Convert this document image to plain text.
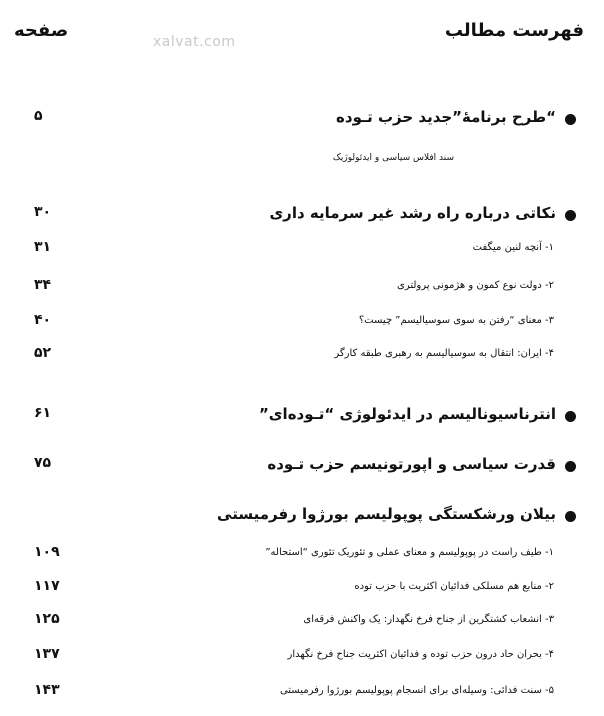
فهرست مطالب
صفحه
xalvat.com
“طرح برنامۀ”جدید حزب تـوده
۵
سند افلاس سیاسی و ایدئولوژیک
نکاتی درباره راه رشد غیر سرمایه داری
۳۰
۱- آنچه لنین میگفت
۳۱
۲- دولت نوع کمون و هژمونی پرولتری
۳۴
۳- معنای “رفتن به سوی سوسیالیسم” چیست؟
۴۰
۴- ایران: انتقال به سوسیالیسم به رهبری طبقه کارگر
۵۲
انترناسیونالیسم در ایدئولوژی “تـوده‌ای”
۶۱
قدرت سیاسی و اپورتونیسم حزب تـوده
۷۵
بیلان ورشکستگی پوپولیسم بورژوا رفرمیستی
۱- طیف راست در پوپولیسم و معنای عملی و تئوریک تئوری “استحاله”
۱۰۹
۲- منابع هم مسلکی فدائیان اکثریت با حزب توده
۱۱۷
۳- انشعاب کشتگرین از جناح فرخ نگهدار: یک واکنش فرقه‌ای
۱۲۵
۴- بحران حاد درون حزب توده و فدائیان اکثریت جناح فرخ نگهدار
۱۳۷
۵- سنت فدائی: وسیله‌ای برای انسجام پوپولیسم بورژوا رفرمیستی
۱۴۳
